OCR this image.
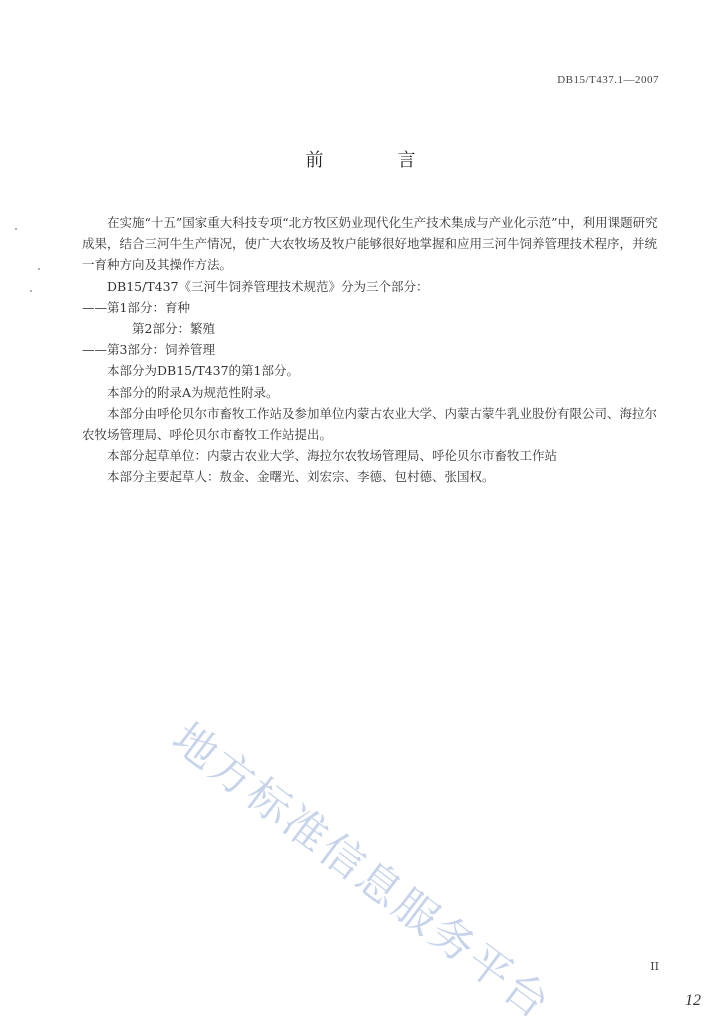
DB15/T437.1—2007
前　言

在实施“十五”国家重大科技专项“北方牧区奶业现代化生产技术集成与产业化示范”中，利用课题研究成果，结合三河牛生产情况，使广大农牧场及牧户能够很好地掌握和应用三河牛饲养管理技术程序，并统一育种方向及其操作方法。

DB15/T437《三河牛饲养管理技术规范》分为三个部分：

——第1部分：育种

第2部分：繁殖

——第3部分：饲养管理

本部分为DB15/T437的第1部分。

本部分的附录A为规范性附录。

本部分由呼伦贝尔市畜牧工作站及参加单位内蒙古农业大学、内蒙古蒙牛乳业股份有限公司、海拉尔农牧场管理局、呼伦贝尔市畜牧工作站提出。

本部分起草单位：内蒙古农业大学、海拉尔农牧场管理局、呼伦贝尔市畜牧工作站

本部分主要起草人：敖金、金曙光、刘宏宗、李德、包村德、张国权。

地方标准信息服务平台	II
12
